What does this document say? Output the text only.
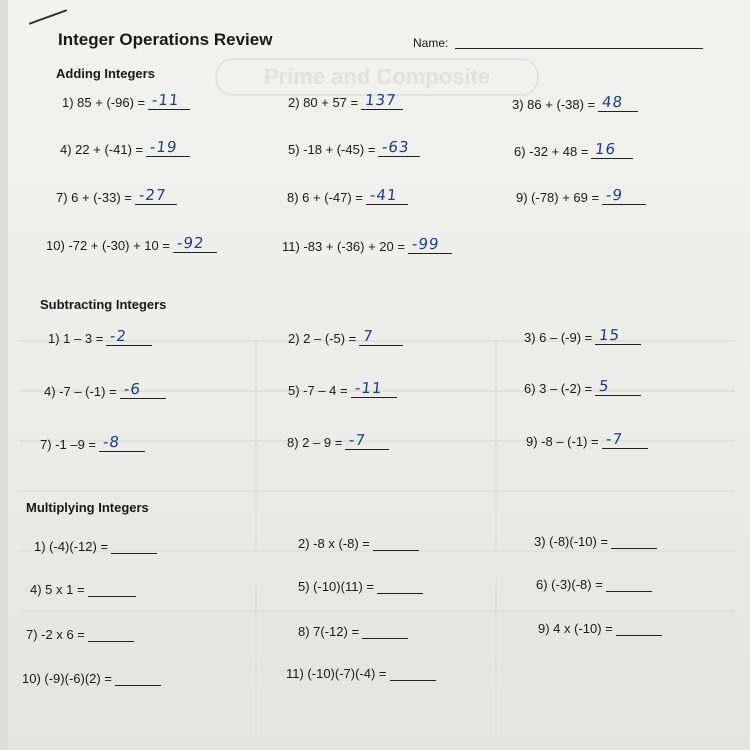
Prime and Composite
Integer Operations Review	Name:
Adding Integers
1) 85 + (-96) = -11	2) 80 + 57 = 137	3) 86 + (-38) = 48
4) 22 + (-41) = -19	5) -18 + (-45) = -63	6) -32 + 48 = 16
7) 6 + (-33) = -27	8) 6 + (-47) = -41	9) (-78) + 69 = -9
10) -72 + (-30) + 10 = -92	11) -83 + (-36) + 20 = -99
Subtracting Integers
1) 1 – 3 = -2	2) 2 – (-5) = 7	3) 6 – (-9) = 15
4) -7 – (-1) = -6	5) -7 – 4 = -11	6) 3 – (-2) = 5
7) -1 –9 = -8	8) 2 – 9 = -7	9) -8 – (-1) = -7
Multiplying Integers
1) (-4)(-12) =	2) -8 x (-8) =	3) (-8)(-10) =
4) 5 x 1 =	5) (-10)(11) =	6) (-3)(-8) =
7) -2 x 6 =	8) 7(-12) =	9) 4 x (-10) =
10) (-9)(-6)(2) =	11) (-10)(-7)(-4) =
